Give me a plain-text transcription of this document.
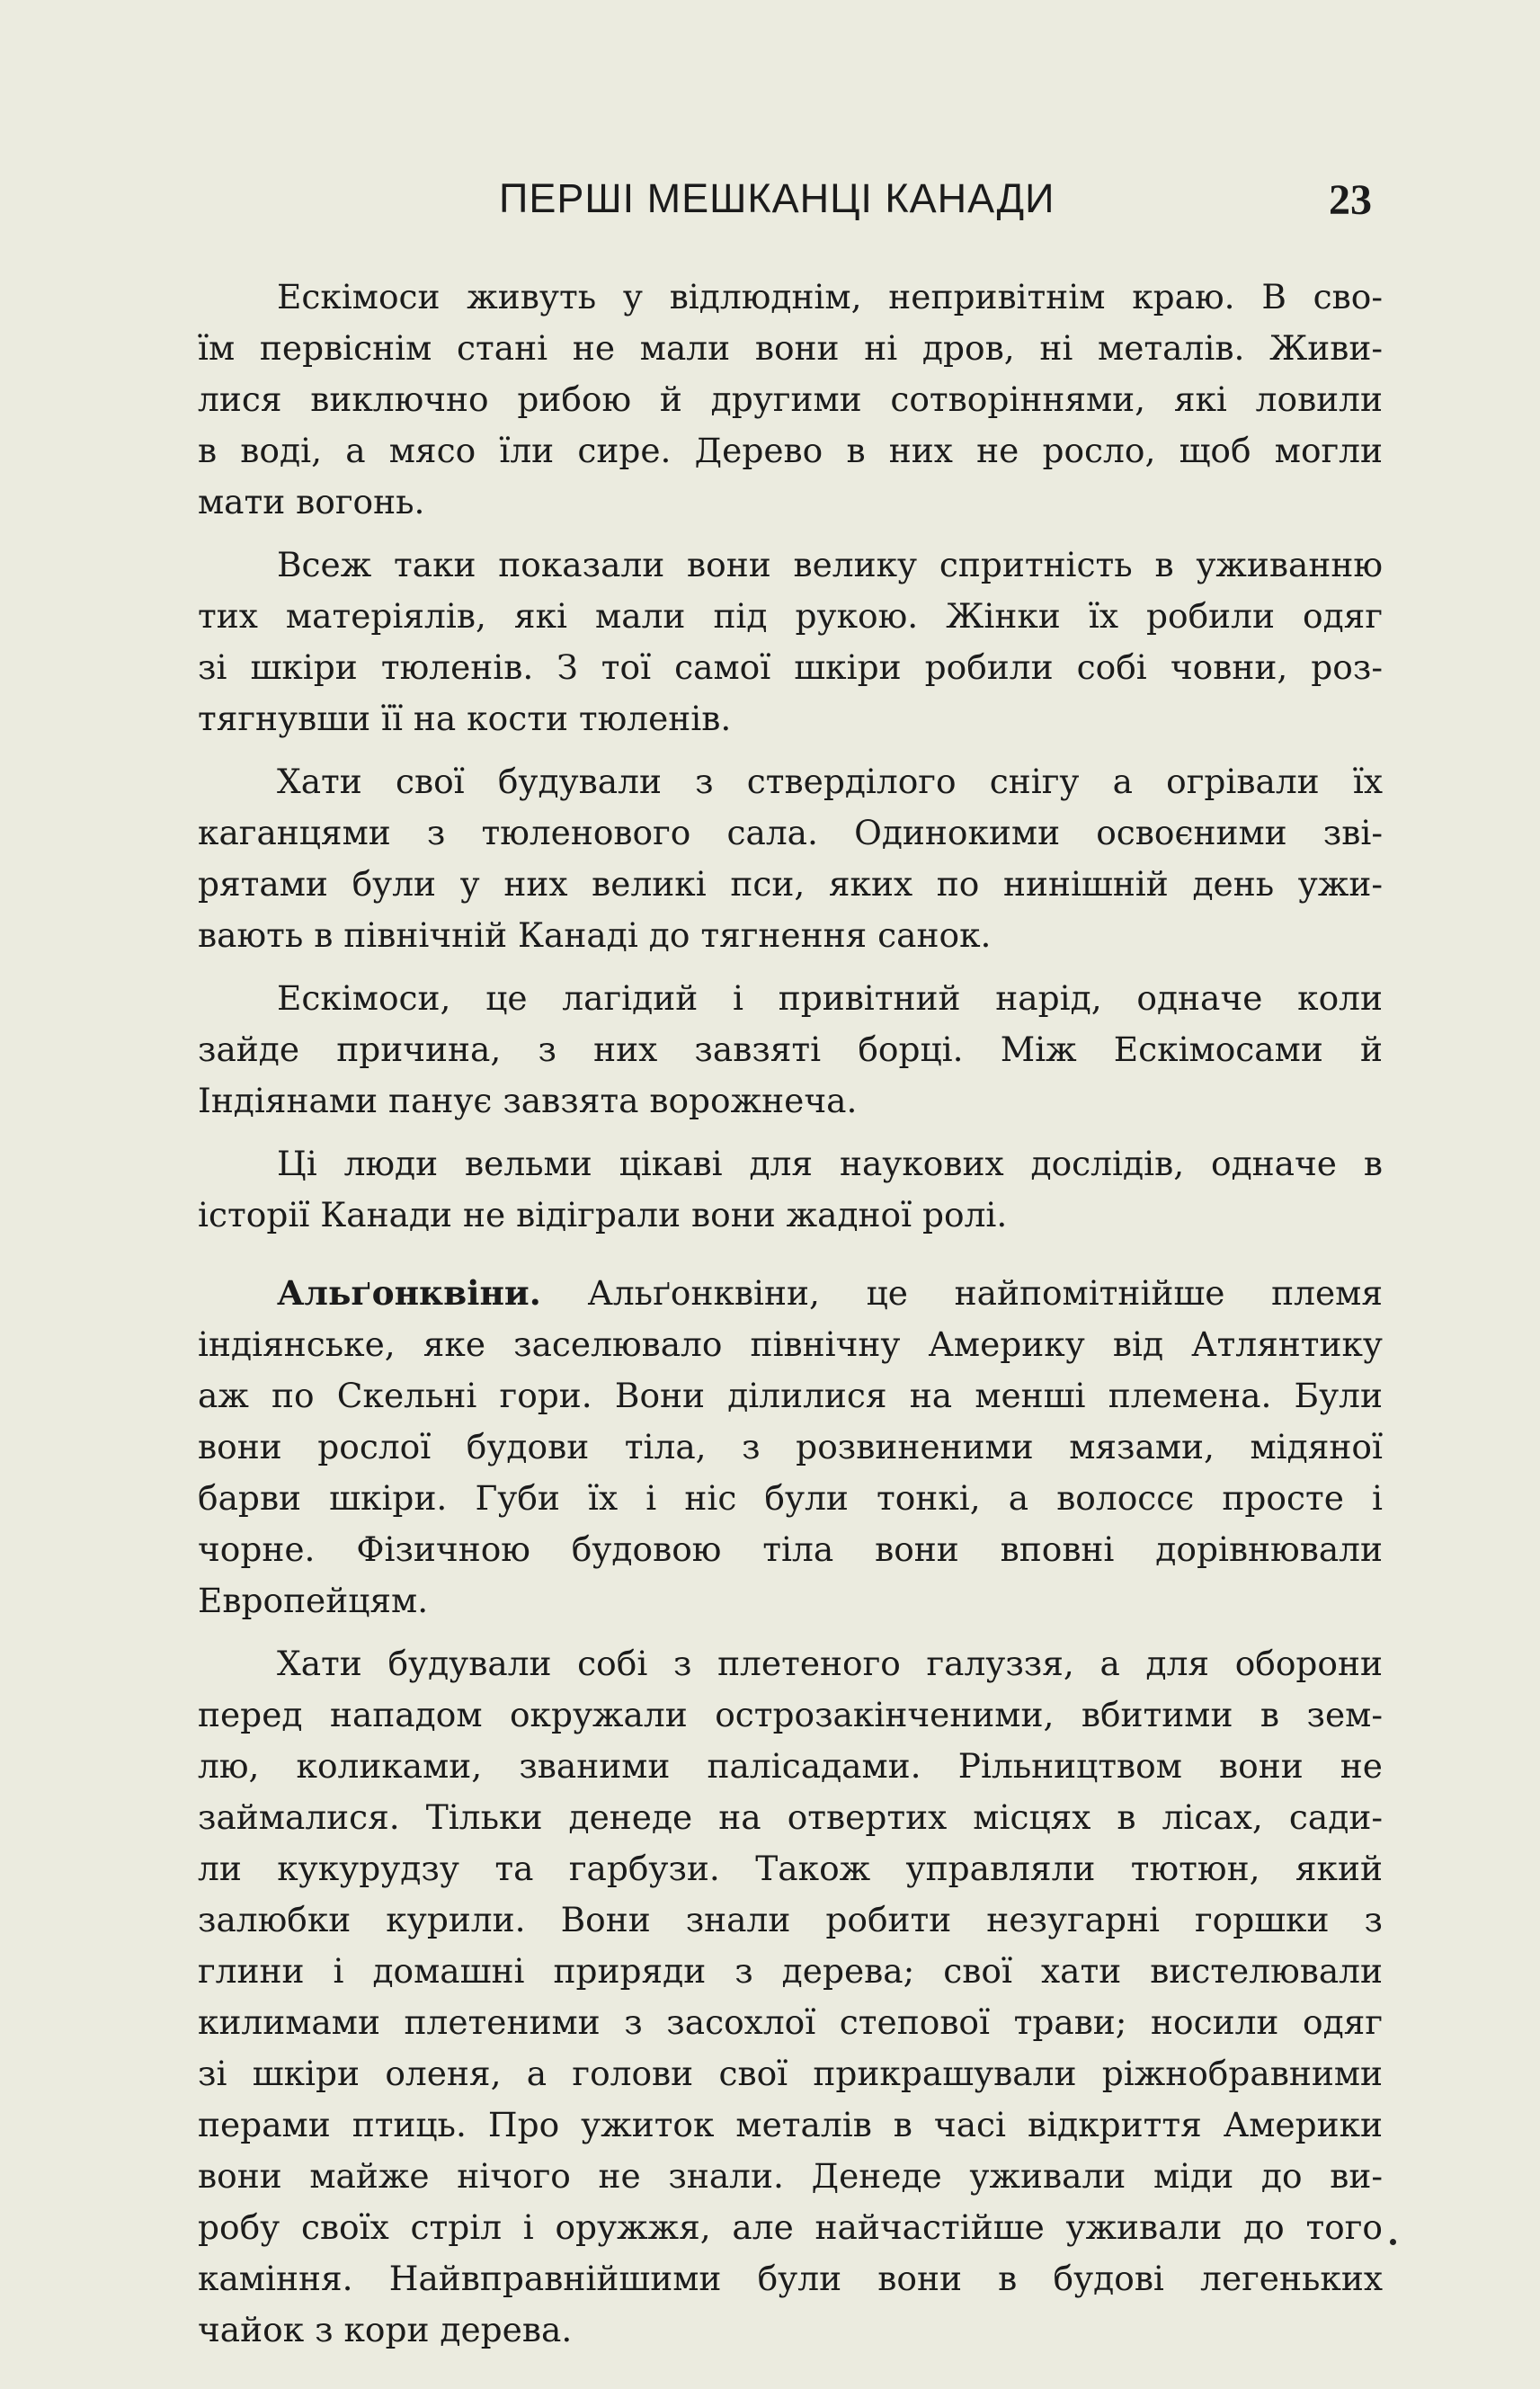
ПЕРШІ МЕШКАНЦІ КАНАДИ	23
Ескімоси живуть у відлюднім, непривітнім краю. В сво-
їм первіснім стані не мали вони ні дров, ні металів. Живи-
лися виключно рибою й другими сотворіннями, які ловили
в воді, а мясо їли сире. Дерево в них не росло, щоб могли
мати вогонь.
Всеж таки показали вони велику спритність в уживанню
тих матеріялів, які мали під рукою. Жінки їх робили одяг
зі шкіри тюленів. З тої самої шкіри робили собі човни, роз-
тягнувши її на кости тюленів.
Хати свої будували з стверділого снігу а огрівали їх
каганцями з тюленового сала. Одинокими освоєними зві-
рятами були у них великі пси, яких по нинішній день ужи-
вають в північній Канаді до тягнення санок.
Ескімоси, це лагідий і привітний нарід, одначе коли
зайде причина, з них завзяті борці. Між Ескімосами й
Індіянами панує завзята ворожнеча.
Ці люди вельми цікаві для наукових дослідів, одначе в
історії Канади не відіграли вони жадної ролі.
Альґонквіни. Альґонквіни, це найпомітнійше племя
індіянське, яке заселювало північну Америку від Атлянтику
аж по Скельні гори. Вони ділилися на менші племена. Були
вони рослої будови тіла, з розвиненими мязами, мідяної
барви шкіри. Губи їх і ніс були тонкі, а волоссє просте і
чорне. Фізичною будовою тіла вони вповні дорівнювали
Европейцям.
Хати будували собі з плетеного галуззя, а для оборони
перед нападом окружали острозакінченими, вбитими в зем-
лю, коликами, званими палісадами. Рільництвом вони не
займалися. Тільки денеде на отвертих місцях в лісах, сади-
ли кукурудзу та гарбузи. Також управляли тютюн, який
залюбки курили. Вони знали робити незугарні горшки з
глини і домашні приряди з дерева; свої хати вистелювали
килимами плетеними з засохлої степової трави; носили одяг
зі шкіри оленя, а голови свої прикрашували ріжнобравними
перами птиць. Про ужиток металів в часі відкриття Америки
вони майже нічого не знали. Денеде уживали міди до ви-
робу своїх стріл і оружжя, але найчастійше уживали до того
каміння. Найвправнійшими були вони в будові легеньких
чайок з кори дерева.
